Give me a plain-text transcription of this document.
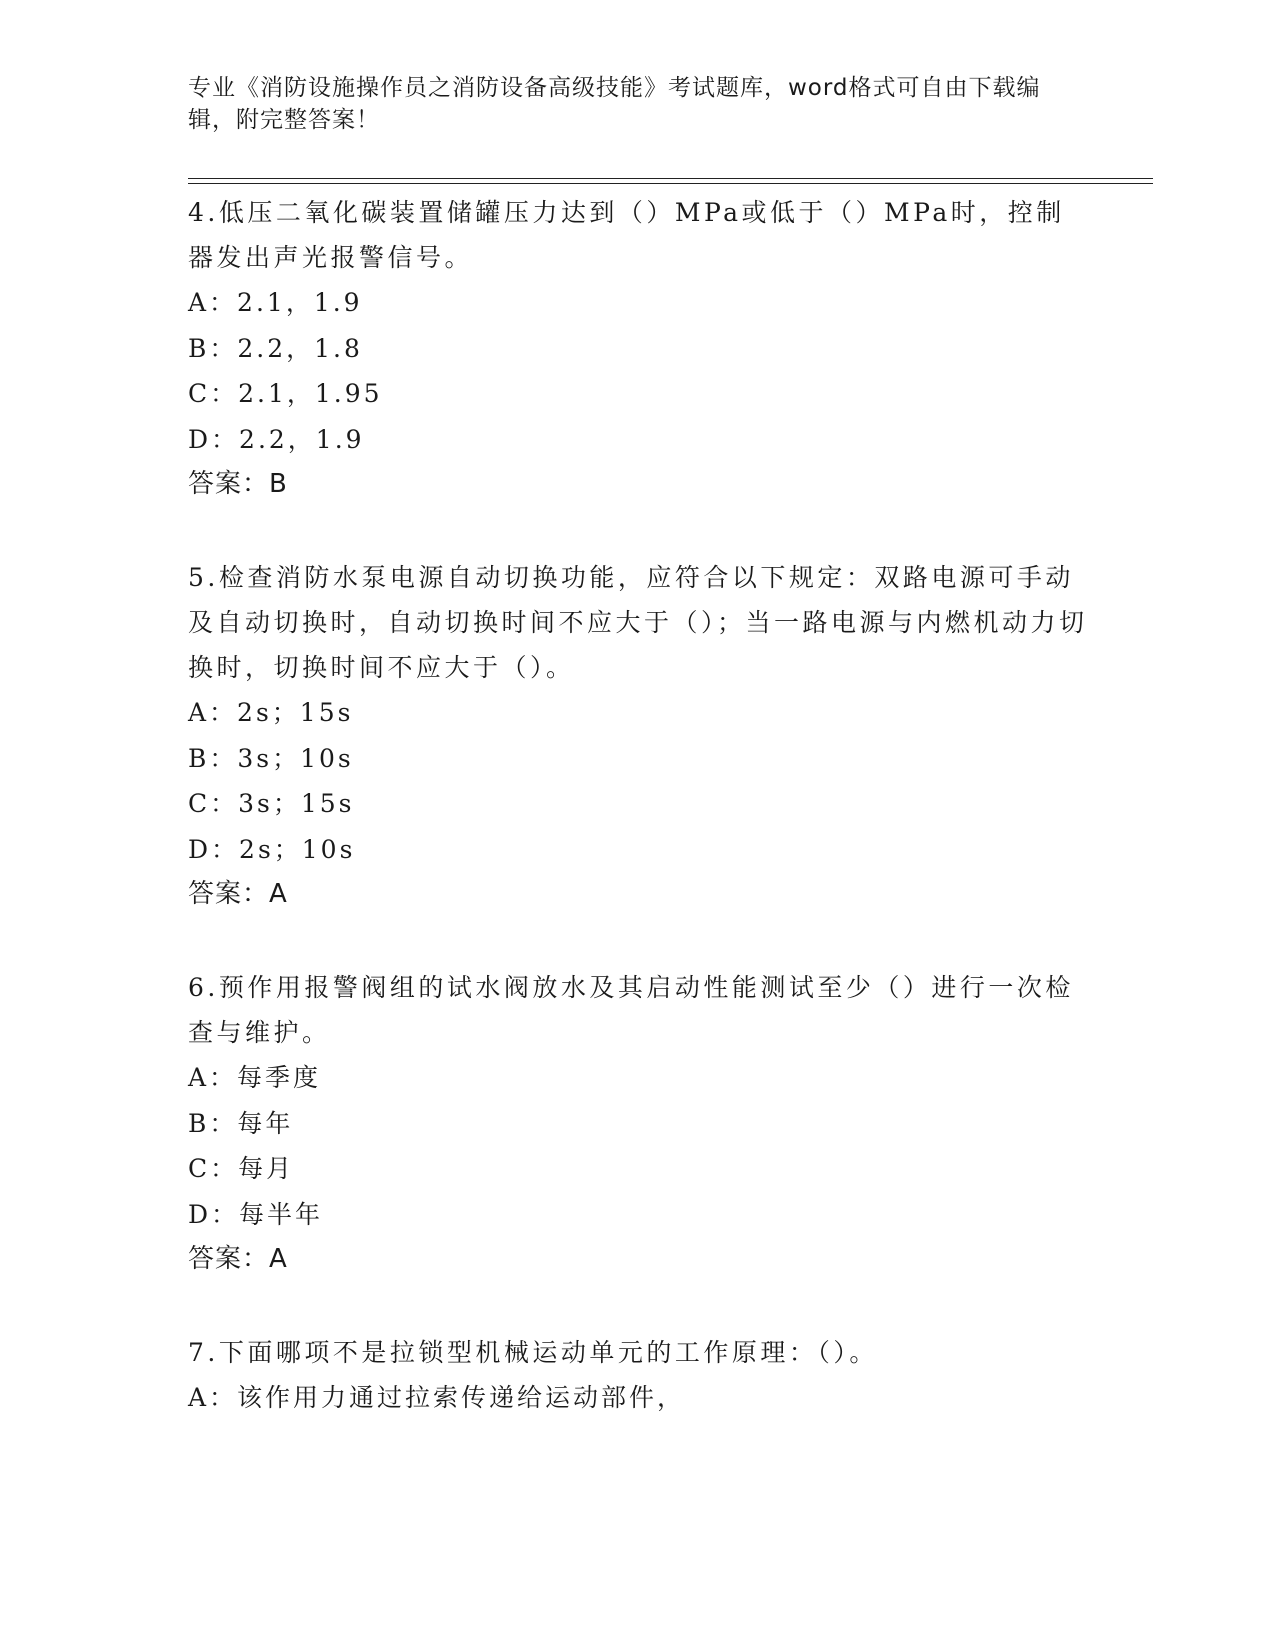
专业《消防设施操作员之消防设备高级技能》考试题库，word格式可自由下载编辑，附完整答案！

4.低压二氧化碳装置储罐压力达到（）MPa或低于（）MPa时，控制器发出声光报警信号。

A：2.1，1.9

B：2.2，1.8

C：2.1，1.95

D：2.2，1.9

答案：B

5.检查消防水泵电源自动切换功能，应符合以下规定：双路电源可手动及自动切换时，自动切换时间不应大于（）；当一路电源与内燃机动力切换时，切换时间不应大于（）。

A：2s；15s

B：3s；10s

C：3s；15s

D：2s；10s

答案：A

6.预作用报警阀组的试水阀放水及其启动性能测试至少（）进行一次检查与维护。

A：每季度

B：每年

C：每月

D：每半年

答案：A

7.下面哪项不是拉锁型机械运动单元的工作原理：（）。

A：该作用力通过拉索传递给运动部件，
